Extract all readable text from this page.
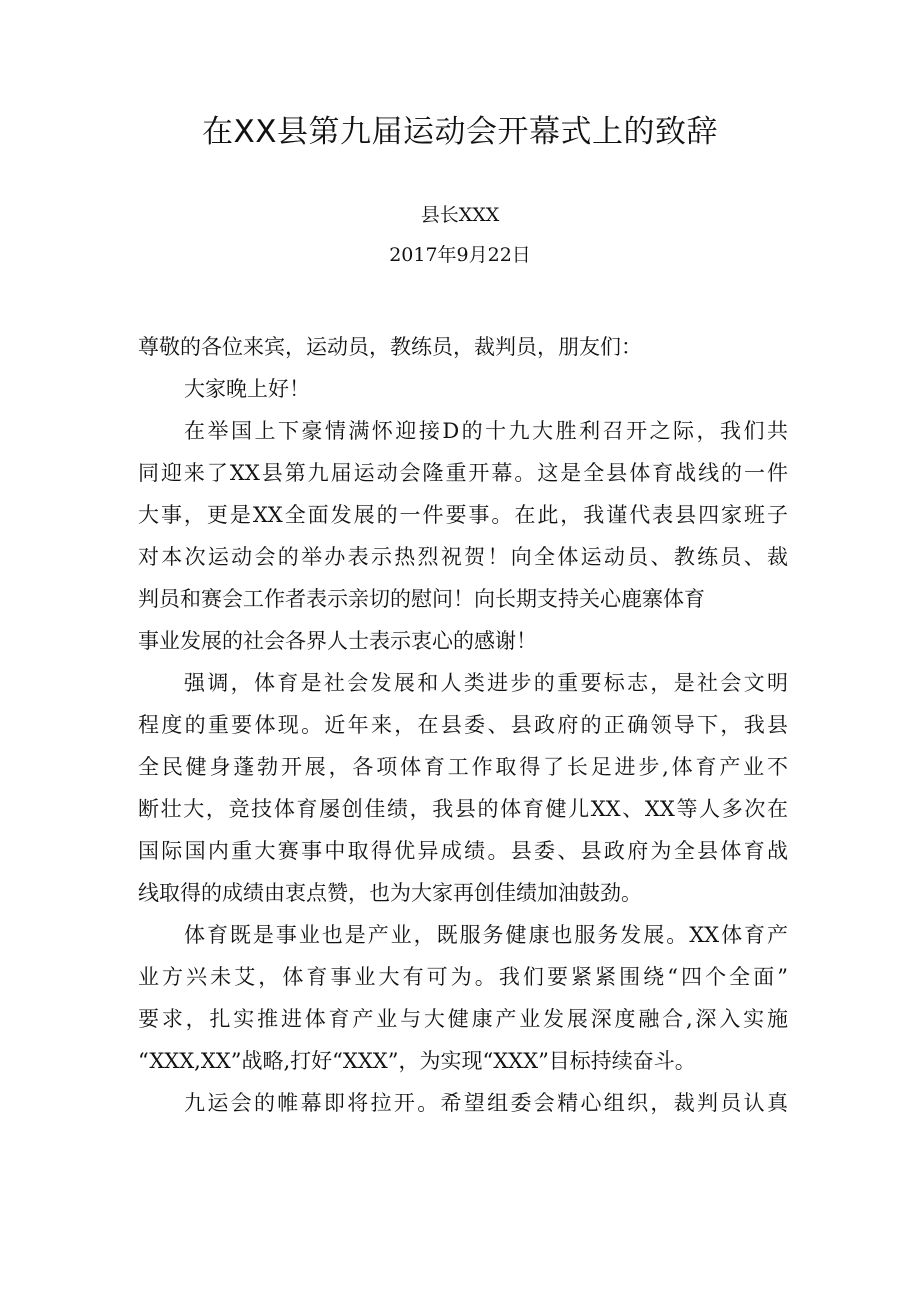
在XX县第九届运动会开幕式上的致辞
县长XXX
2017年9月22日
尊敬的各位来宾，运动员，教练员，裁判员，朋友们：
大家晚上好！
在举国上下豪情满怀迎接D的十九大胜利召开之际，我们共
同迎来了XX县第九届运动会隆重开幕。这是全县体育战线的一件
大事，更是XX全面发展的一件要事。在此，我谨代表县四家班子
对本次运动会的举办表示热烈祝贺！向全体运动员、教练员、裁
判员和赛会工作者表示亲切的慰问！向长期支持关心鹿寨体育
事业发展的社会各界人士表示衷心的感谢！
强调，体育是社会发展和人类进步的重要标志，是社会文明
程度的重要体现。近年来，在县委、县政府的正确领导下，我县
全民健身蓬勃开展，各项体育工作取得了长足进步,体育产业不
断壮大，竞技体育屡创佳绩，我县的体育健儿XX、XX等人多次在
国际国内重大赛事中取得优异成绩。县委、县政府为全县体育战
线取得的成绩由衷点赞，也为大家再创佳绩加油鼓劲。
体育既是事业也是产业，既服务健康也服务发展。XX体育产
业方兴未艾，体育事业大有可为。我们要紧紧围绕“四个全面”
要求，扎实推进体育产业与大健康产业发展深度融合,深入实施
“XXX,XX”战略,打好“XXX”，为实现“XXX”目标持续奋斗。
九运会的帷幕即将拉开。希望组委会精心组织，裁判员认真
